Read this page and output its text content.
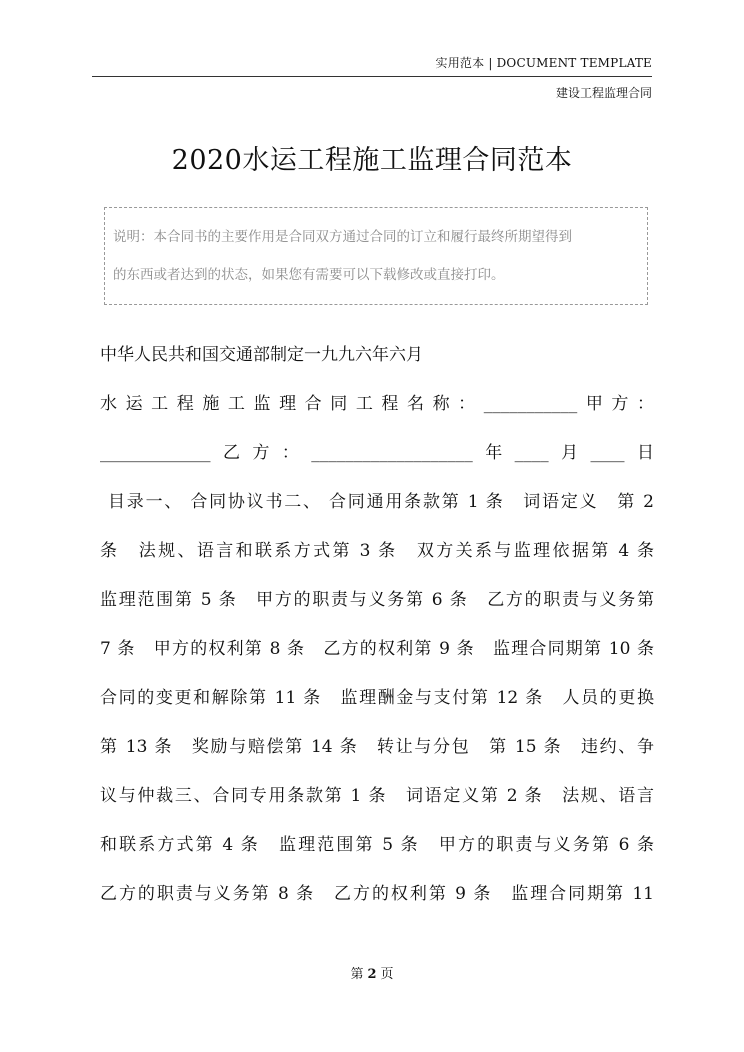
实用范本 | DOCUMENT TEMPLATE
建设工程监理合同
2020水运工程施工监理合同范本
说明：本合同书的主要作用是合同双方通过合同的订立和履行最终所期望得到
的东西或者达到的状态，如果您有需要可以下载修改或直接打印。
中华人民共和国交通部制定一九九六年六月
水运工程施工监理合同工程名称：___________甲方：
_____________乙方：___________________年____月____日
目录一、 合同协议书二、 合同通用条款第 1 条　词语定义　第 2
条　法规、语言和联系方式第 3 条　双方关系与监理依据第 4 条
监理范围第 5 条　甲方的职责与义务第 6 条　乙方的职责与义务第
7 条　甲方的权利第 8 条　乙方的权利第 9 条　监理合同期第 10 条
合同的变更和解除第 11 条　监理酬金与支付第 12 条　人员的更换
第 13 条　奖励与赔偿第 14 条　转让与分包　第 15 条　违约、争
议与仲裁三、合同专用条款第 1 条　词语定义第 2 条　法规、语言
和联系方式第 4 条　监理范围第 5 条　甲方的职责与义务第 6 条
乙方的职责与义务第 8 条　乙方的权利第 9 条　监理合同期第 11
第 2 页
